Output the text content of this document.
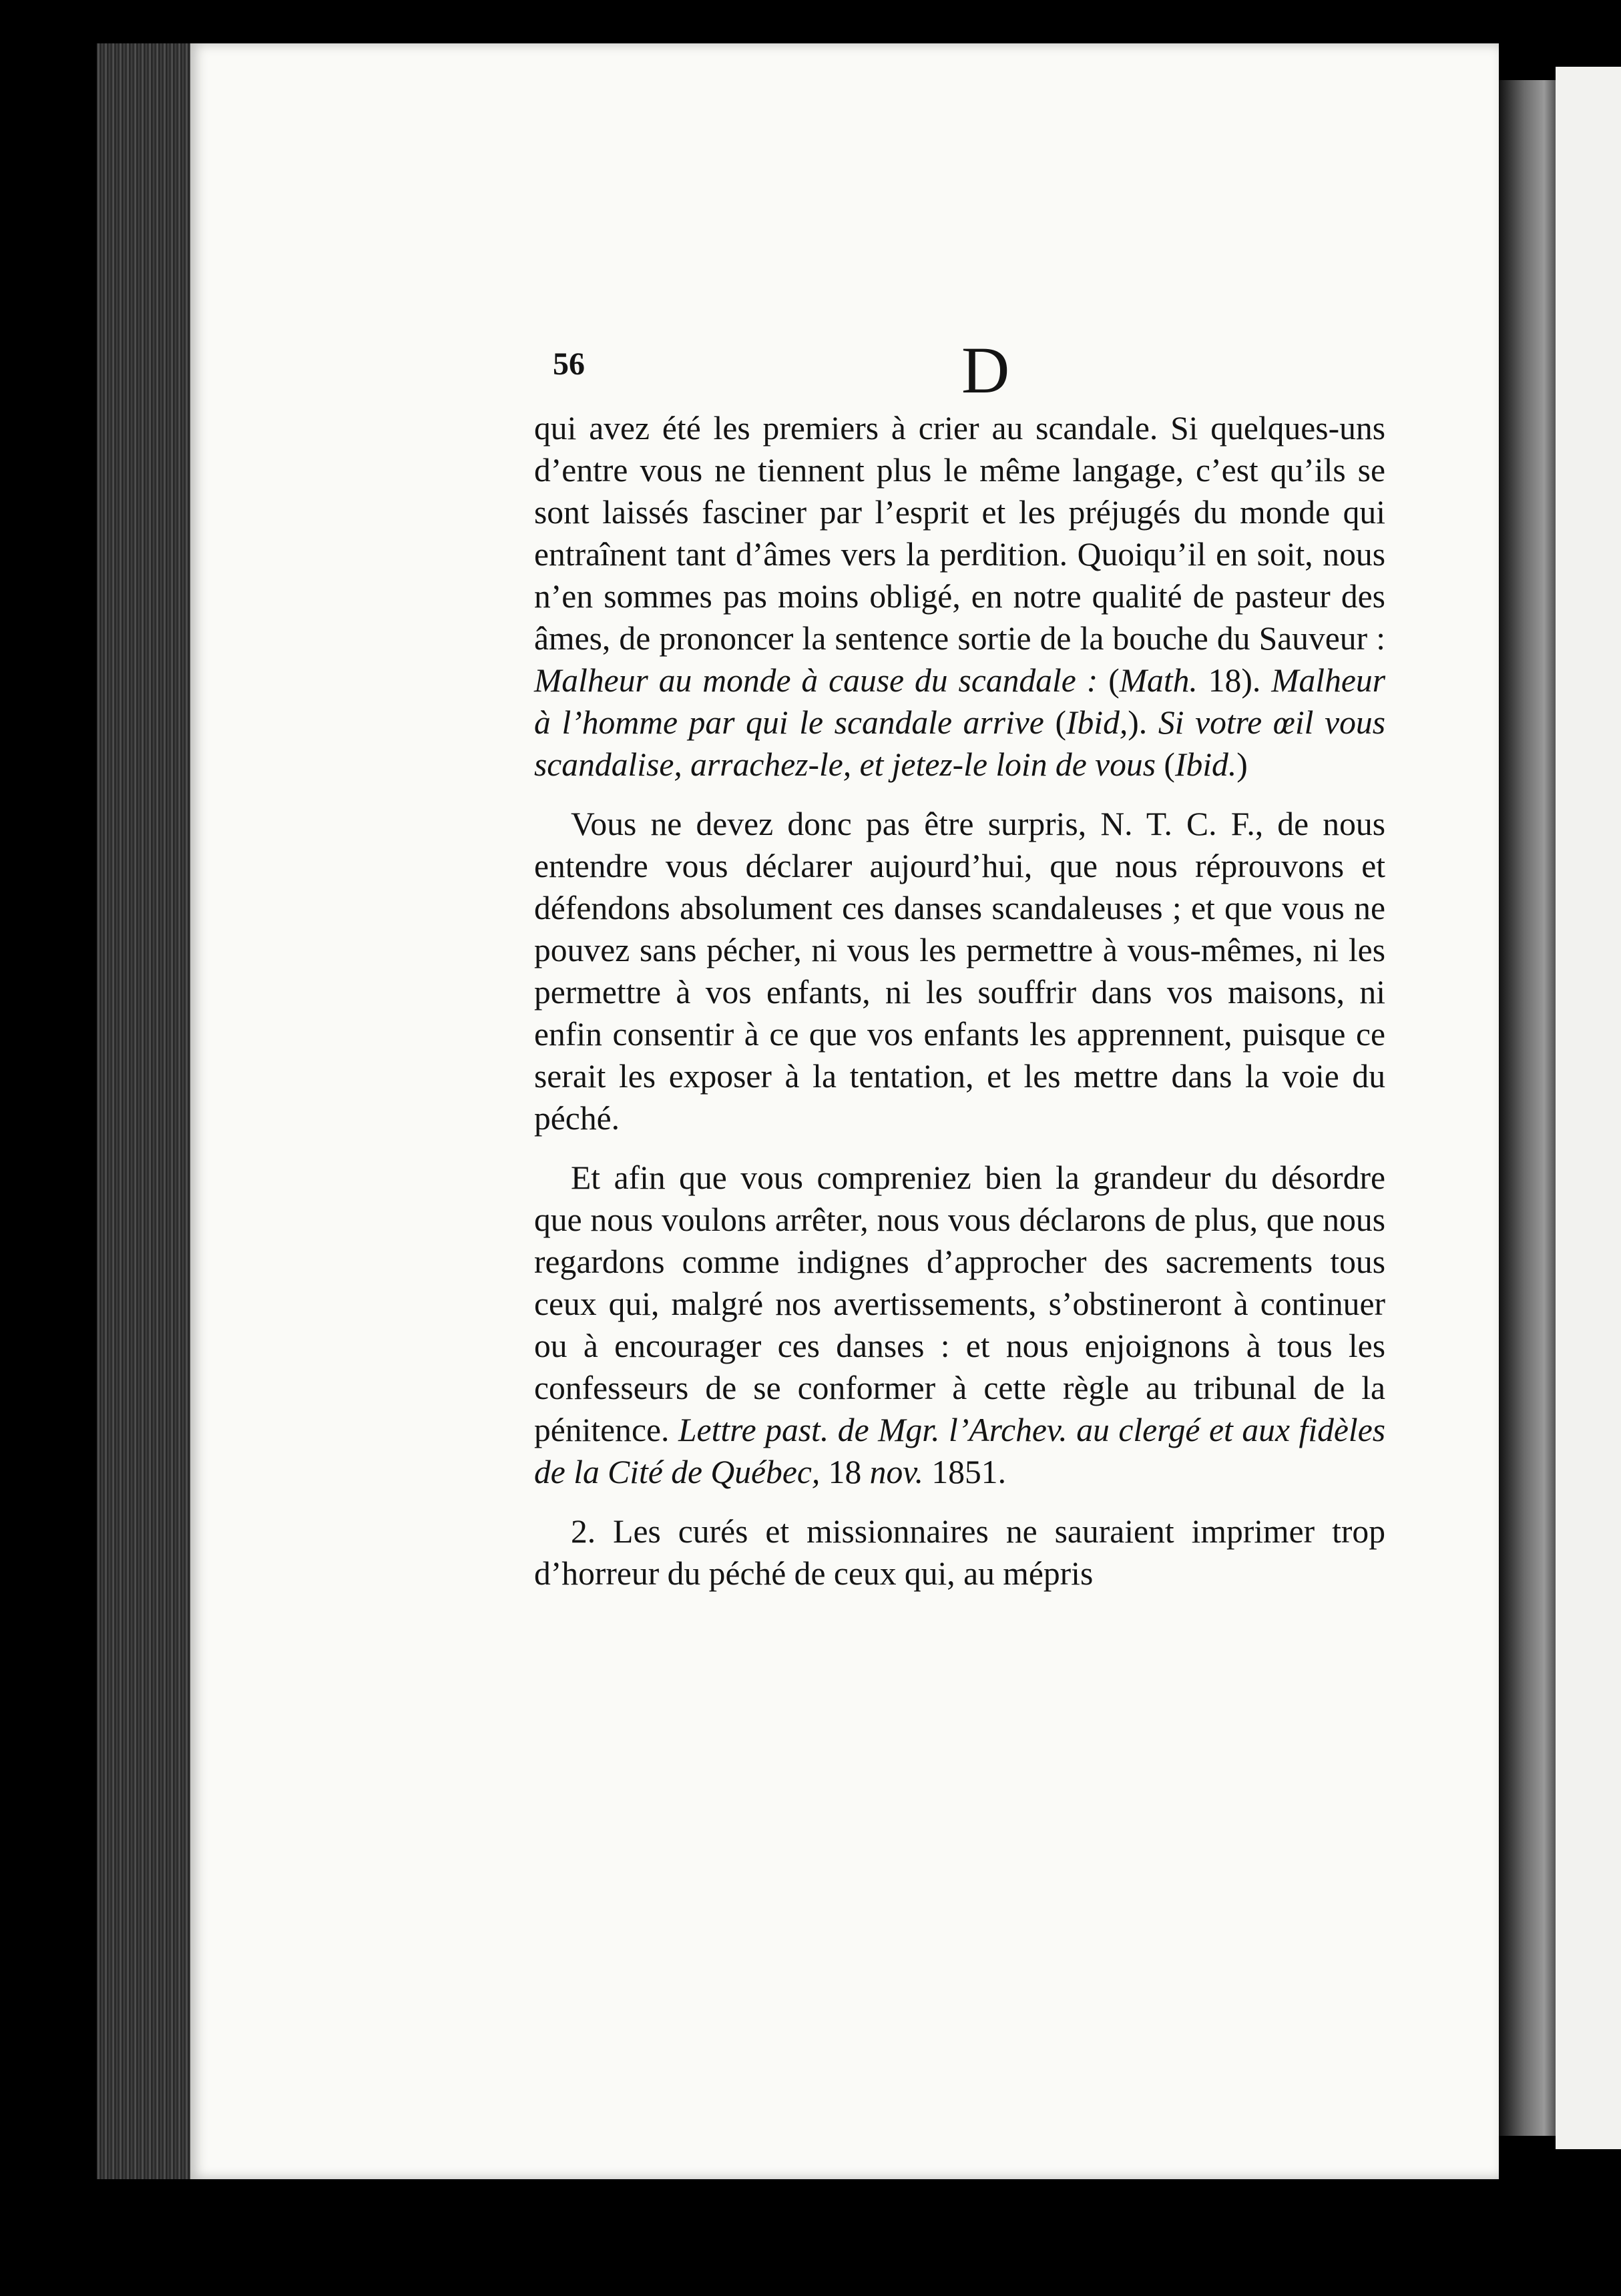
56	D

qui avez été les premiers à crier au scandale. Si quelques-uns d’entre vous ne tiennent plus le même langage, c’est qu’ils se sont laissés fasciner par l’esprit et les préjugés du monde qui entraînent tant d’âmes vers la perdition. Quoiqu’il en soit, nous n’en sommes pas moins obligé, en notre qualité de pasteur des âmes, de prononcer la sentence sortie de la bouche du Sauveur : Malheur au monde à cause du scandale : (Math. 18). Malheur à l’homme par qui le scandale arrive (Ibid,). Si votre œil vous scandalise, arrachez-le, et jetez-le loin de vous (Ibid.)

Vous ne devez donc pas être surpris, N. T. C. F., de nous entendre vous déclarer aujourd’hui, que nous réprouvons et défendons absolument ces danses scandaleuses ; et que vous ne pouvez sans pécher, ni vous les permettre à vous-mêmes, ni les permettre à vos enfants, ni les souffrir dans vos maisons, ni enfin consentir à ce que vos enfants les apprennent, puisque ce serait les exposer à la tentation, et les mettre dans la voie du péché.

Et afin que vous compreniez bien la grandeur du désordre que nous voulons arrêter, nous vous déclarons de plus, que nous regardons comme indignes d’approcher des sacrements tous ceux qui, malgré nos avertissements, s’obstineront à continuer ou à encourager ces danses : et nous enjoignons à tous les confesseurs de se conformer à cette règle au tribunal de la pénitence. Lettre past. de Mgr. l’Archev. au clergé et aux fidèles de la Cité de Québec, 18 nov. 1851.

2. Les curés et missionnaires ne sauraient imprimer trop d’horreur du péché de ceux qui, au mépris
